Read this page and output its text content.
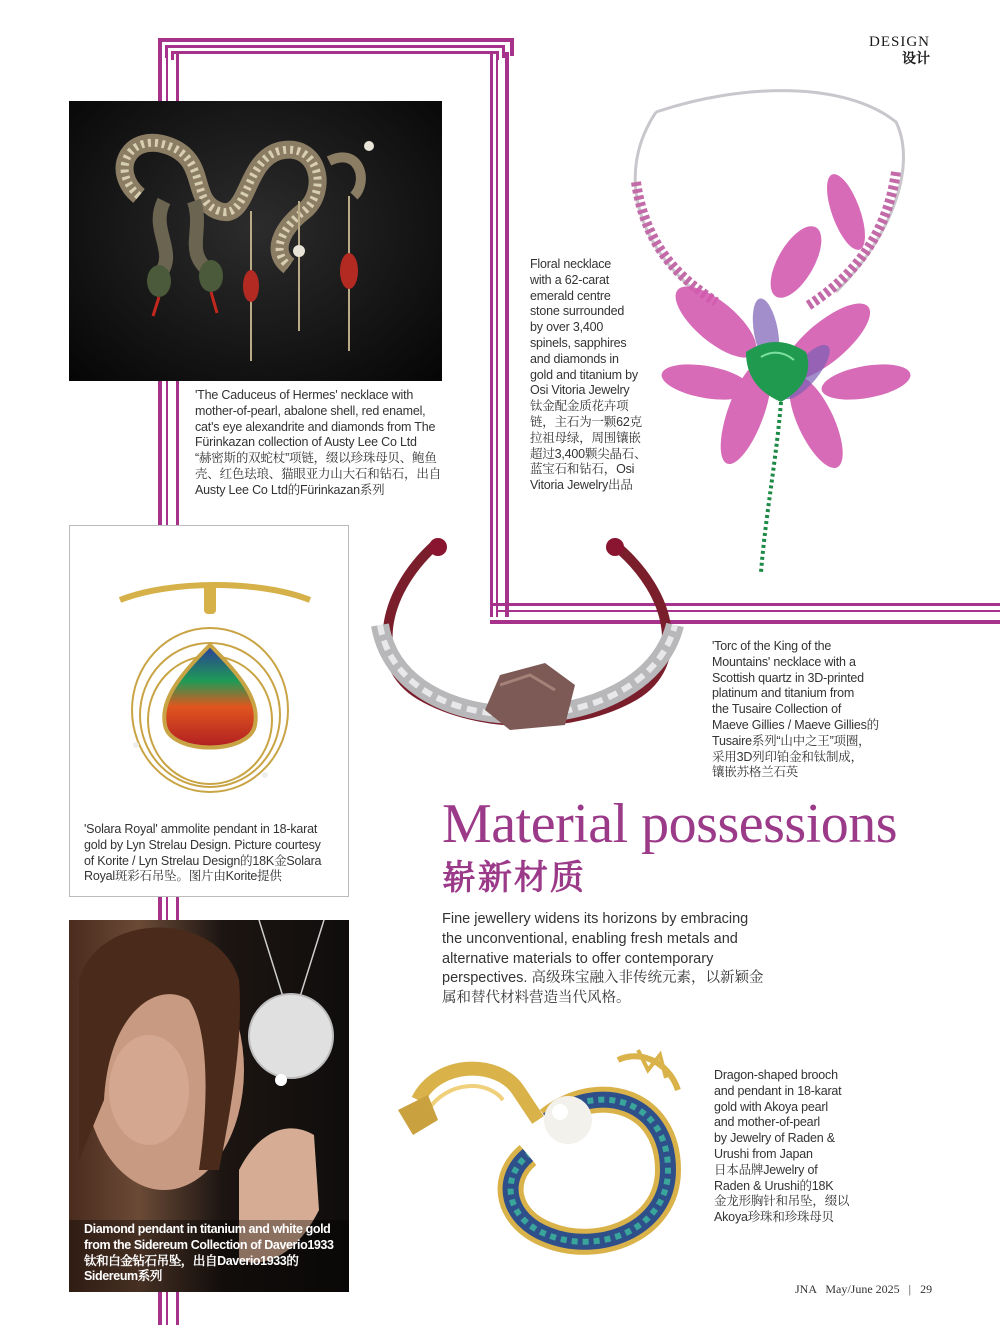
DESIGN
设计
'The Caduceus of Hermes' necklace with
mother-of-pearl, abalone shell, red enamel,
cat's eye alexandrite and diamonds from The
Fürinkazan collection of Austy Lee Co Ltd
“赫密斯的双蛇杖”项链，缀以珍珠母贝、鲍鱼
壳、红色珐琅、猫眼亚力山大石和钻石，出自
Austy Lee Co Ltd的Fürinkazan系列
Floral necklace
with a 62-carat
emerald centre
stone surrounded
by over 3,400
spinels, sapphires
and diamonds in
gold and titanium by
Osi Vitoria Jewelry
钛金配金质花卉项
链，主石为一颗62克
拉祖母绿，周围镶嵌
超过3,400颗尖晶石、
蓝宝石和钻石，Osi
Vitoria Jewelry出品
'Torc of the King of the
Mountains' necklace with a
Scottish quartz in 3D-printed
platinum and titanium from
the Tusaire Collection of
Maeve Gillies / Maeve Gillies的
Tusaire系列“山中之王”项圈，
采用3D列印铂金和钛制成，
镶嵌苏格兰石英
'Solara Royal' ammolite pendant in 18-karat
gold by Lyn Strelau Design. Picture courtesy
of Korite / Lyn Strelau Design的18K金Solara
Royal斑彩石吊坠。图片由Korite提供
Diamond pendant in titanium and white gold
from the Sidereum Collection of Daverio1933
钛和白金钻石吊坠，出自Daverio1933的
Sidereum系列
Material possessions
崭新材质
Fine jewellery widens its horizons by embracing the unconventional, enabling fresh metals and alternative materials to offer contemporary perspectives. 高级珠宝融入非传统元素，以新颖金属和替代材料营造当代风格。
Dragon-shaped brooch
and pendant in 18-karat
gold with Akoya pearl
and mother-of-pearl
by Jewelry of Raden &
Urushi from Japan
日本品牌Jewelry of
Raden & Urushi的18K
金龙形胸针和吊坠，缀以
Akoya珍珠和珍珠母贝
JNA May/June 2025 | 29
